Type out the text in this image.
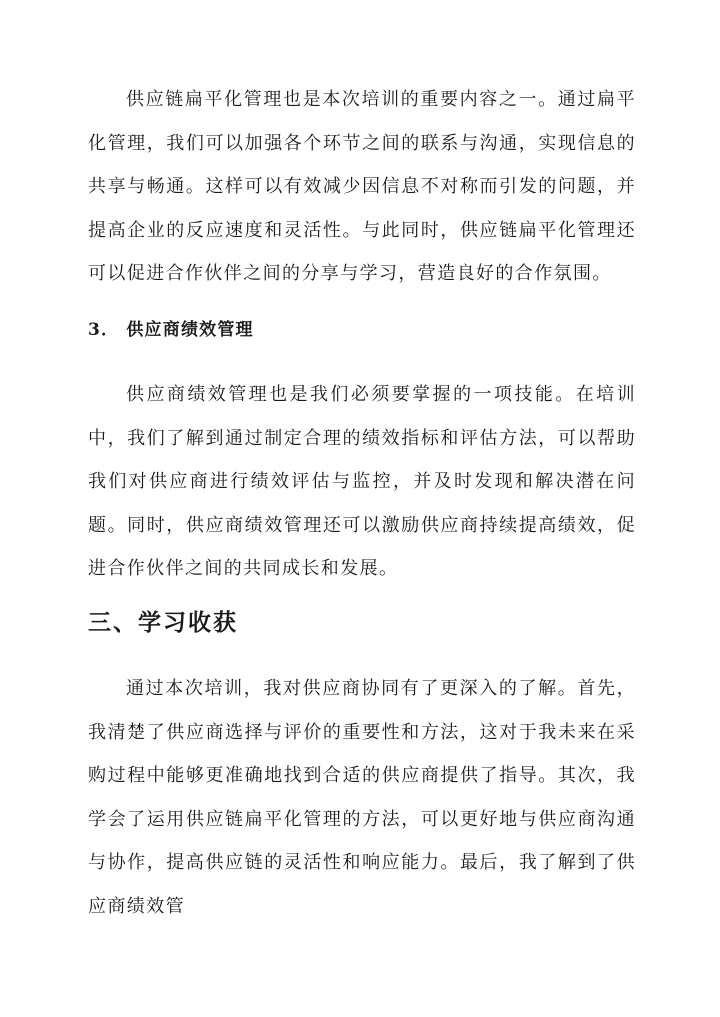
供应链扁平化管理也是本次培训的重要内容之一。通过扁平化管理，我们可以加强各个环节之间的联系与沟通，实现信息的共享与畅通。这样可以有效减少因信息不对称而引发的问题，并提高企业的反应速度和灵活性。与此同时，供应链扁平化管理还可以促进合作伙伴之间的分享与学习，营造良好的合作氛围。

3． 供应商绩效管理

供应商绩效管理也是我们必须要掌握的一项技能。在培训中，我们了解到通过制定合理的绩效指标和评估方法，可以帮助我们对供应商进行绩效评估与监控，并及时发现和解决潜在问题。同时，供应商绩效管理还可以激励供应商持续提高绩效，促进合作伙伴之间的共同成长和发展。

三、学习收获

通过本次培训，我对供应商协同有了更深入的了解。首先，我清楚了供应商选择与评价的重要性和方法，这对于我未来在采购过程中能够更准确地找到合适的供应商提供了指导。其次，我学会了运用供应链扁平化管理的方法，可以更好地与供应商沟通与协作，提高供应链的灵活性和响应能力。最后，我了解到了供应商绩效管
